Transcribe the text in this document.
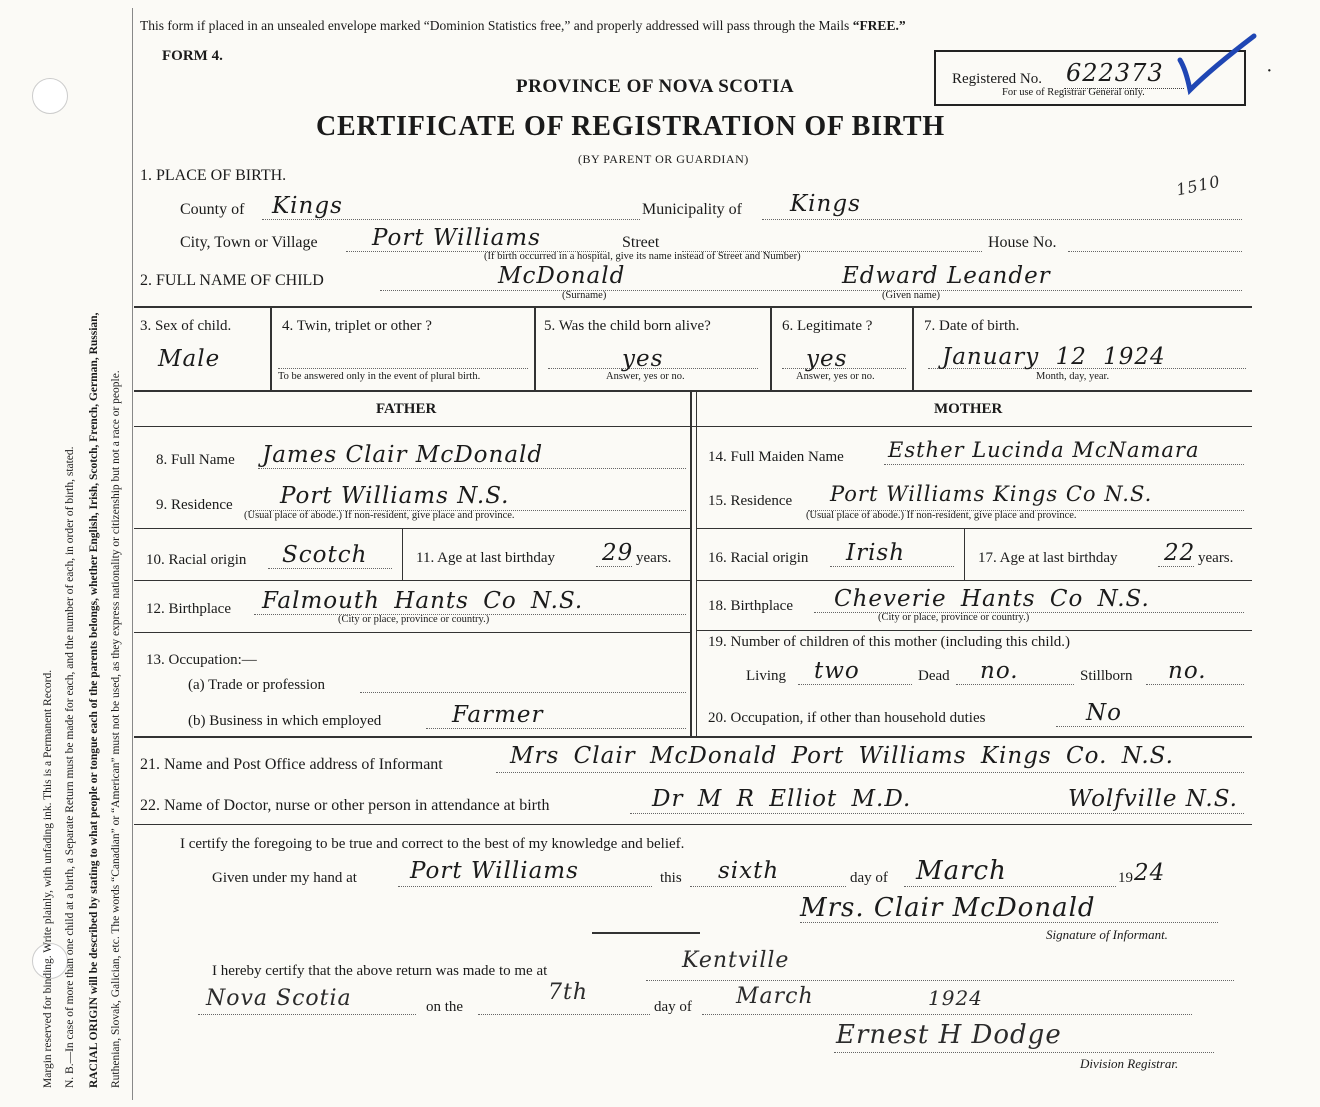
Margin reserved for binding. Write plainly, with unfading ink. This is a Permanent Record. N. B.—In case of more than one child at a birth, a Separate Return must be made for each, and the number of each, in order of birth, stated. RACIAL ORIGIN will be described by stating to what people or tongue each of the parents belongs, whether English, Irish, Scotch, French, German, Russian, Ruthenian, Slovak, Galician, etc. The words “Canadian” or “American” must not be used, as they express nationality or citizenship but not a race or people.
This form if placed in an unsealed envelope marked “Dominion Statistics free,” and properly addressed will pass through the Mails “FREE.”
FORM 4.
PROVINCE OF NOVA SCOTIA
CERTIFICATE OF REGISTRATION OF BIRTH
(BY PARENT OR GUARDIAN)
Registered No. 622373
For use of Registrar General only.
·
1510
1. PLACE OF BIRTH.
County of Kings	Municipality of Kings
City, Town or Village Port Williams	Street	House No.
(If birth occurred in a hospital, give its name instead of Street and Number)
2. FULL NAME OF CHILD	McDonald	Edward Leander
(Surname)	(Given name)
3. Sex of child.
Male
4. Twin, triplet or other ?
To be answered only in the event of plural birth.
5. Was the child born alive?
yes
Answer, yes or no.
6. Legitimate ?
yes
Answer, yes or no.
7. Date of birth.
January 12 1924
Month, day, year.
FATHER	MOTHER
8. Full Name James Clair McDonald
9. Residence Port Williams N.S.
(Usual place of abode.) If non-resident, give place and province.
10. Racial origin Scotch	11. Age at last birthday 29 years.
12. Birthplace Falmouth Hants Co N.S.
(City or place, province or country.)
13. Occupation:—
(a) Trade or profession
(b) Business in which employed	Farmer
14. Full Maiden Name Esther Lucinda McNamara
15. Residence Port Williams Kings Co N.S.
(Usual place of abode.) If non-resident, give place and province.
16. Racial origin Irish	17. Age at last birthday 22 years.
18. Birthplace Cheverie Hants Co N.S.
(City or place, province or country.)
19. Number of children of this mother (including this child.)
Living two	Dead no.	Stillborn no.
20. Occupation, if other than household duties	No
21. Name and Post Office address of Informant	Mrs Clair McDonald Port Williams Kings Co. N.S.
22. Name of Doctor, nurse or other person in attendance at birth	Dr M R Elliot M.D.	Wolfville N.S.
I certify the foregoing to be true and correct to the best of my knowledge and belief.
Given under my hand at Port Williams	this sixth	day of March	19 24
Mrs. Clair McDonald
Signature of Informant.
I hereby certify that the above return was made to me at	Kentville
Nova Scotia	on the
7th
day of March	1924
Ernest H Dodge
Division Registrar.
